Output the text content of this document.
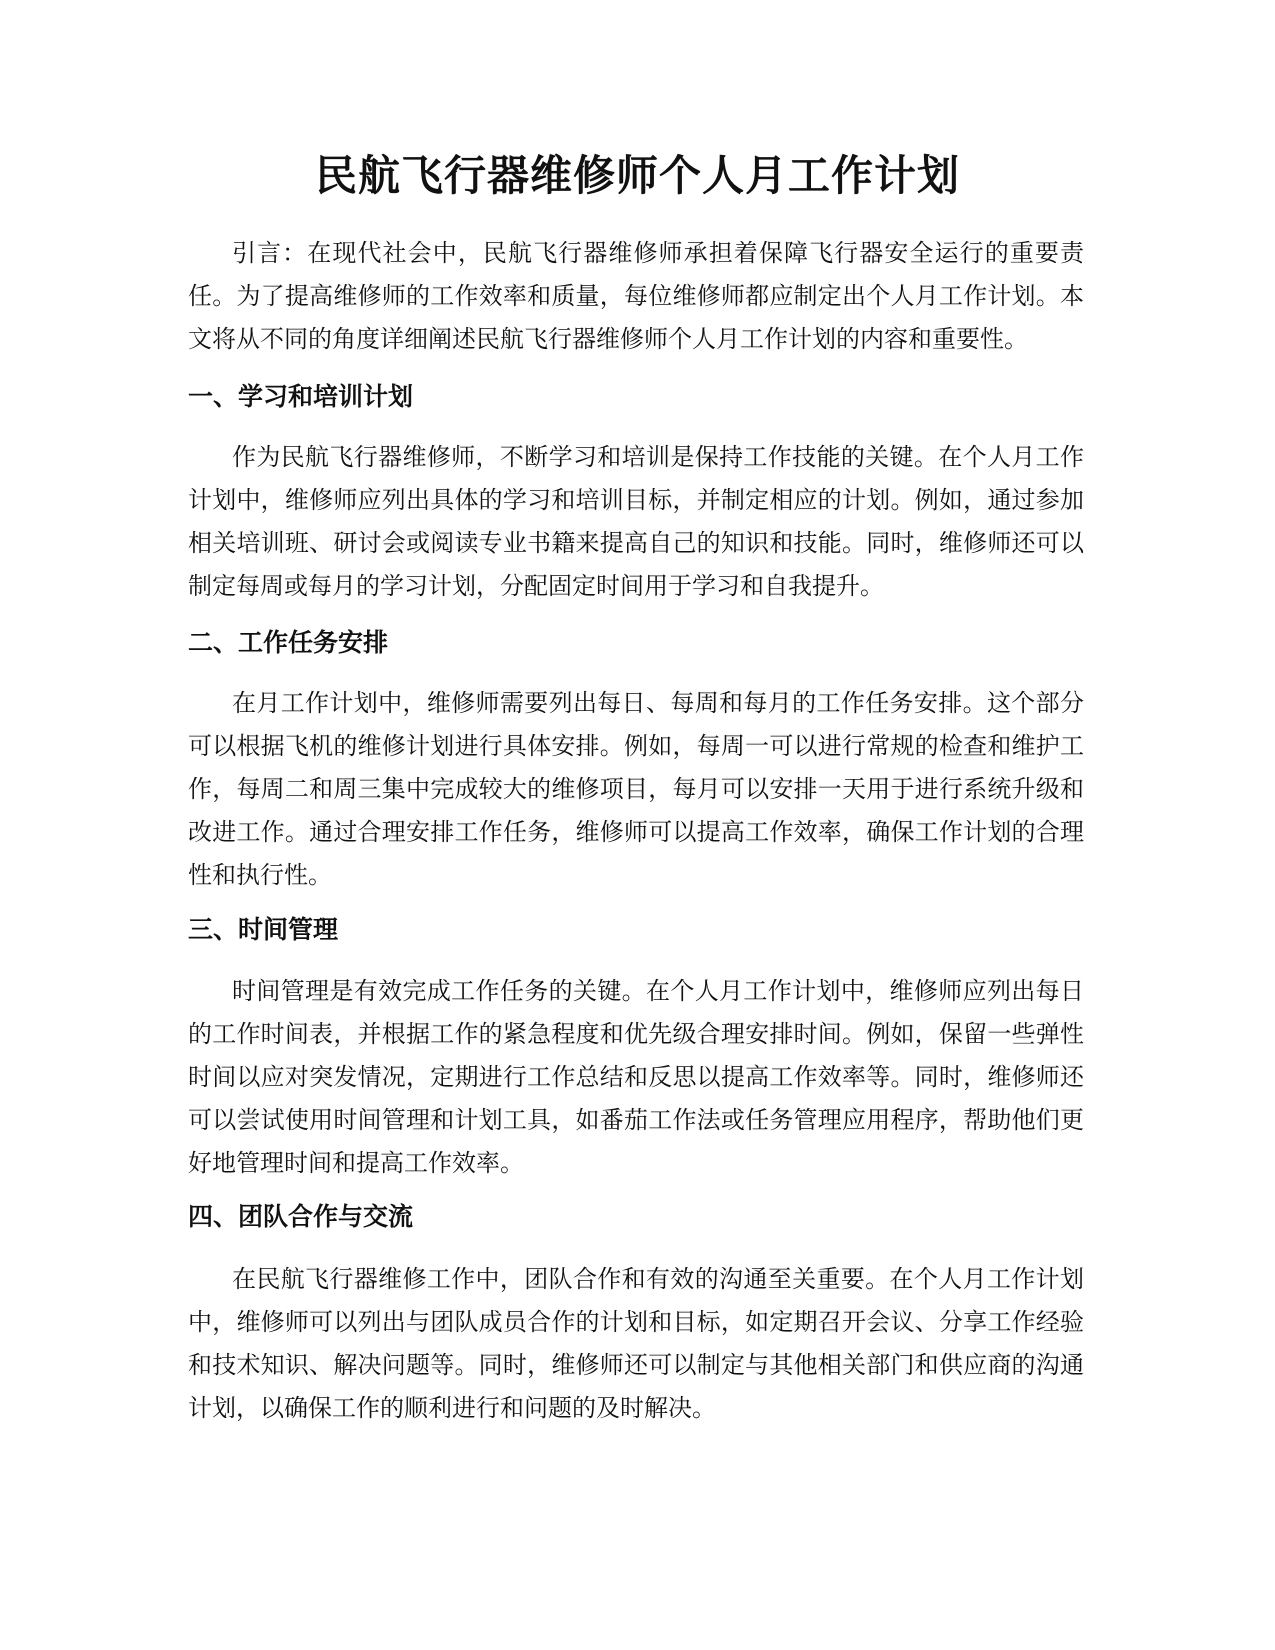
民航飞行器维修师个人月工作计划

引言：在现代社会中，民航飞行器维修师承担着保障飞行器安全运行的重要责任。为了提高维修师的工作效率和质量，每位维修师都应制定出个人月工作计划。本文将从不同的角度详细阐述民航飞行器维修师个人月工作计划的内容和重要性。

一、学习和培训计划

作为民航飞行器维修师，不断学习和培训是保持工作技能的关键。在个人月工作计划中，维修师应列出具体的学习和培训目标，并制定相应的计划。例如，通过参加相关培训班、研讨会或阅读专业书籍来提高自己的知识和技能。同时，维修师还可以制定每周或每月的学习计划，分配固定时间用于学习和自我提升。

二、工作任务安排

在月工作计划中，维修师需要列出每日、每周和每月的工作任务安排。这个部分可以根据飞机的维修计划进行具体安排。例如，每周一可以进行常规的检查和维护工作，每周二和周三集中完成较大的维修项目，每月可以安排一天用于进行系统升级和改进工作。通过合理安排工作任务，维修师可以提高工作效率，确保工作计划的合理性和执行性。

三、时间管理

时间管理是有效完成工作任务的关键。在个人月工作计划中，维修师应列出每日的工作时间表，并根据工作的紧急程度和优先级合理安排时间。例如，保留一些弹性时间以应对突发情况，定期进行工作总结和反思以提高工作效率等。同时，维修师还可以尝试使用时间管理和计划工具，如番茄工作法或任务管理应用程序，帮助他们更好地管理时间和提高工作效率。

四、团队合作与交流

在民航飞行器维修工作中，团队合作和有效的沟通至关重要。在个人月工作计划中，维修师可以列出与团队成员合作的计划和目标，如定期召开会议、分享工作经验和技术知识、解决问题等。同时，维修师还可以制定与其他相关部门和供应商的沟通计划，以确保工作的顺利进行和问题的及时解决。
